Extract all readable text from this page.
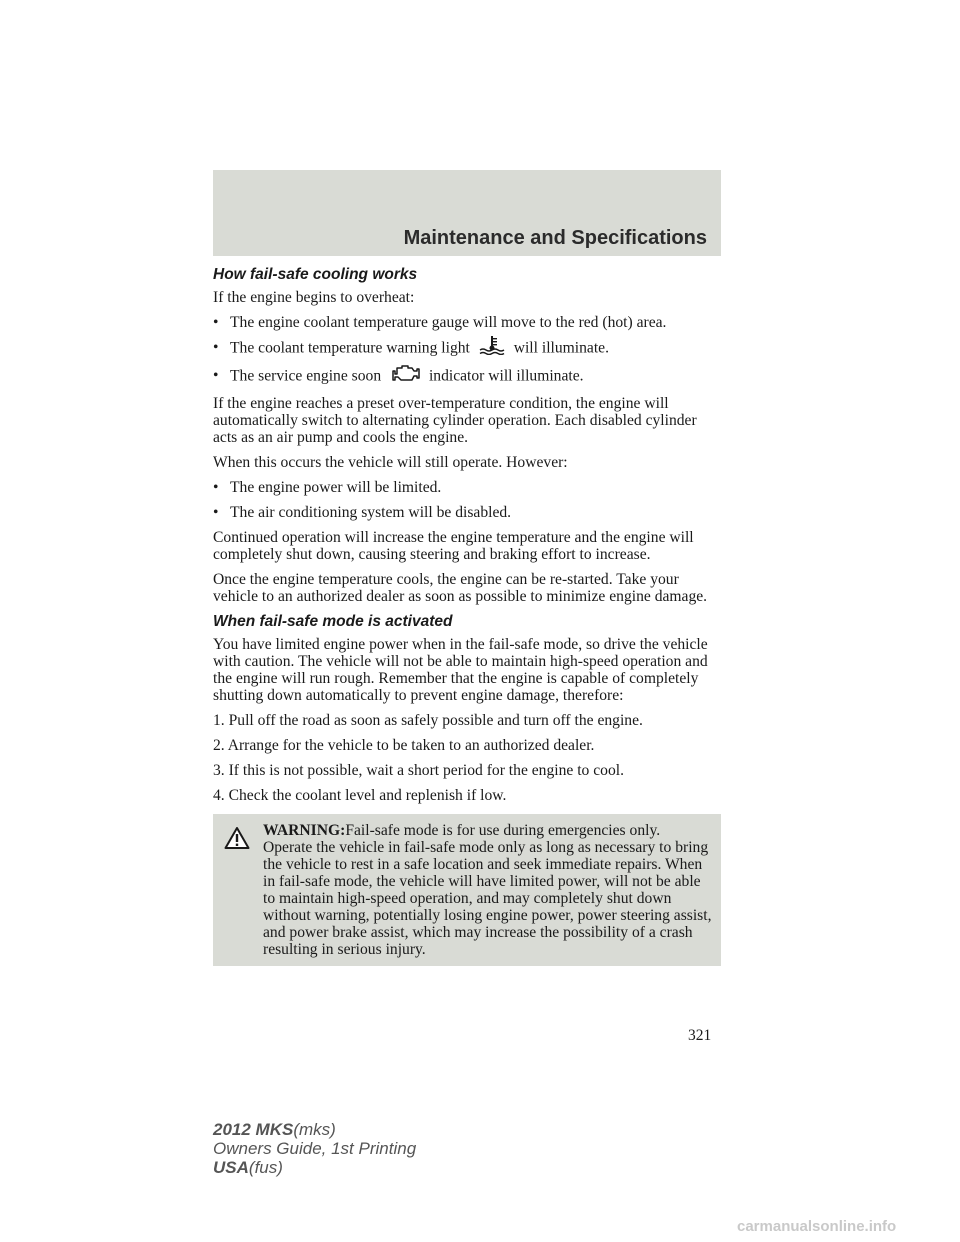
Maintenance and Specifications
How fail-safe cooling works

If the engine begins to overheat:

• The engine coolant temperature gauge will move to the red (hot) area.
• The coolant temperature warning light	will illuminate.
• The service engine soon	indicator will illuminate.

If the engine reaches a preset over-temperature condition, the engine will automatically switch to alternating cylinder operation. Each disabled cylinder acts as an air pump and cools the engine.

When this occurs the vehicle will still operate. However:

• The engine power will be limited.
• The air conditioning system will be disabled.

Continued operation will increase the engine temperature and the engine will completely shut down, causing steering and braking effort to increase.

Once the engine temperature cools, the engine can be re-started. Take your vehicle to an authorized dealer as soon as possible to minimize engine damage.

When fail-safe mode is activated

You have limited engine power when in the fail-safe mode, so drive the vehicle with caution. The vehicle will not be able to maintain high-speed operation and the engine will run rough. Remember that the engine is capable of completely shutting down automatically to prevent engine damage, therefore:

1. Pull off the road as soon as safely possible and turn off the engine.

2. Arrange for the vehicle to be taken to an authorized dealer.

3. If this is not possible, wait a short period for the engine to cool.

4. Check the coolant level and replenish if low.

WARNING:Fail-safe mode is for use during emergencies only. Operate the vehicle in fail-safe mode only as long as necessary to bring the vehicle to rest in a safe location and seek immediate repairs. When in fail-safe mode, the vehicle will have limited power, will not be able to maintain high-speed operation, and may completely shut down without warning, potentially losing engine power, power steering assist, and power brake assist, which may increase the possibility of a crash resulting in serious injury.
321
2012 MKS(mks)
Owners Guide, 1st Printing
USA(fus)
carmanualsonline.info
